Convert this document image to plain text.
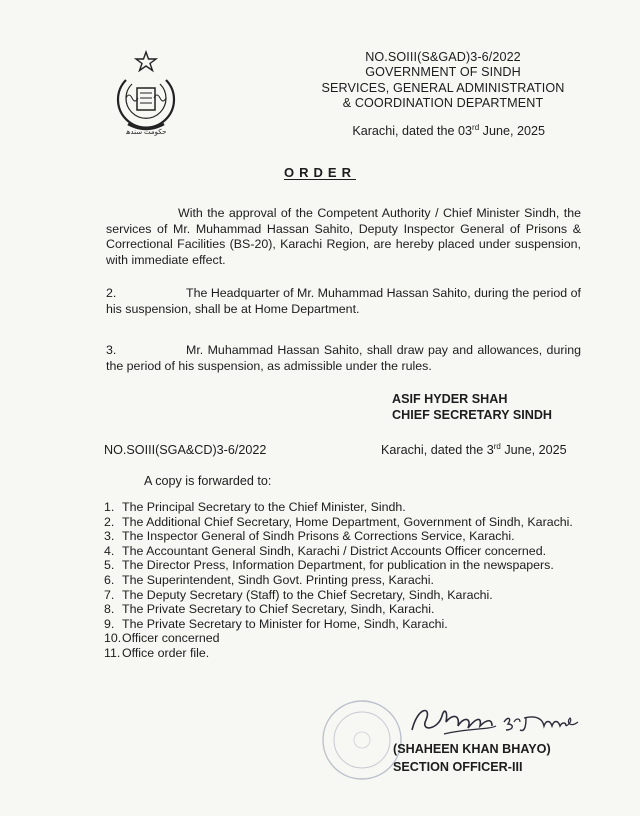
حکومت سندھ
NO.SOIII(S&GAD)3-6/2022
GOVERNMENT OF SINDH
SERVICES, GENERAL ADMINISTRATION
& COORDINATION DEPARTMENT
Karachi, dated the 03rd June, 2025
ORDER
With the approval of the Competent Authority / Chief Minister Sindh, the services of Mr. Muhammad Hassan Sahito, Deputy Inspector General of Prisons & Correctional Facilities (BS-20), Karachi Region, are hereby placed under suspension, with immediate effect.
2.	The Headquarter of Mr. Muhammad Hassan Sahito, during the period of his suspension, shall be at Home Department.
3.	Mr. Muhammad Hassan Sahito, shall draw pay and allowances, during the period of his suspension, as admissible under the rules.
ASIF HYDER SHAH
CHIEF SECRETARY SINDH
NO.SOIII(SGA&CD)3-6/2022	Karachi, dated the 3rd June, 2025
A copy is forwarded to:
1. The Principal Secretary to the Chief Minister, Sindh.
2. The Additional Chief Secretary, Home Department, Government of Sindh, Karachi.
3. The Inspector General of Sindh Prisons & Corrections Service, Karachi.
4. The Accountant General Sindh, Karachi / District Accounts Officer concerned.
5. The Director Press, Information Department, for publication in the newspapers.
6. The Superintendent, Sindh Govt. Printing press, Karachi.
7. The Deputy Secretary (Staff) to the Chief Secretary, Sindh, Karachi.
8. The Private Secretary to Chief Secretary, Sindh, Karachi.
9. The Private Secretary to Minister for Home, Sindh, Karachi.
10. Officer concerned
11. Office order file.
(SHAHEEN KHAN BHAYO)
SECTION OFFICER-III
